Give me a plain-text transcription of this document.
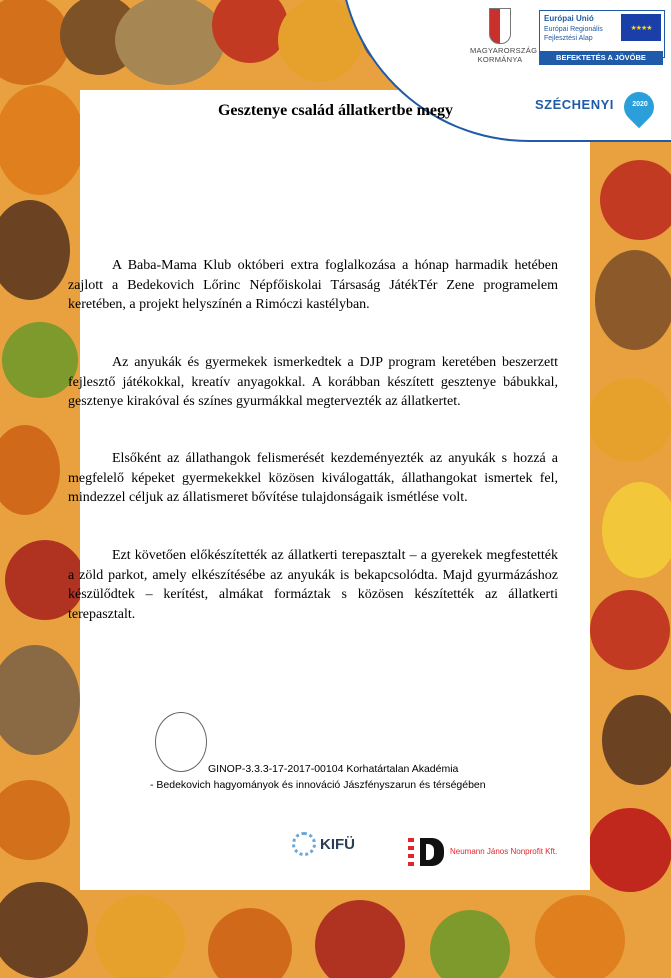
MAGYARORSZÁG KORMÁNYA
Európai Unió
Európai Regionális Fejlesztési Alap
★★★★
BEFEKTETÉS A JÖVŐBE
SZÉCHENYI	2020
Gesztenye család állatkertbe megy
A Baba-Mama Klub októberi extra foglalkozása a hónap harmadik hetében zajlott a Bedekovich Lőrinc Népfőiskolai Társaság JátékTér Zene programelem keretében, a projekt helyszínén a Rimóczi kastélyban.
Az anyukák és gyermekek ismerkedtek a DJP program keretében beszerzett fejlesztő játékokkal, kreatív anyagokkal. A korábban készített gesztenye bábukkal, gesztenye kirakóval és színes gyurmákkal megtervezték az állatkertet.
Elsőként az állathangok felismerését kezdeményezték az anyukák s hozzá a megfelelő képeket gyermekekkel közösen kiválogatták, állathangokat ismertek fel, mindezzel céljuk az állatismeret bővítése tulajdonságaik ismétlése volt.
Ezt követően előkészítették az állatkerti terepasztalt – a gyerekek megfestették a zöld parkot, amely elkészítésébe az anyukák is bekapcsolódta. Majd gyurmázáshoz készülődtek – kerítést, almákat formáztak s közösen készítették az állatkerti terepasztalt.
GINOP-3.3.3-17-2017-00104 Korhatártalan Akadémia
- Bedekovich hagyományok és innováció Jászfényszarun és térségében
KIFÜ	Neumann János Nonprofit Kft.
